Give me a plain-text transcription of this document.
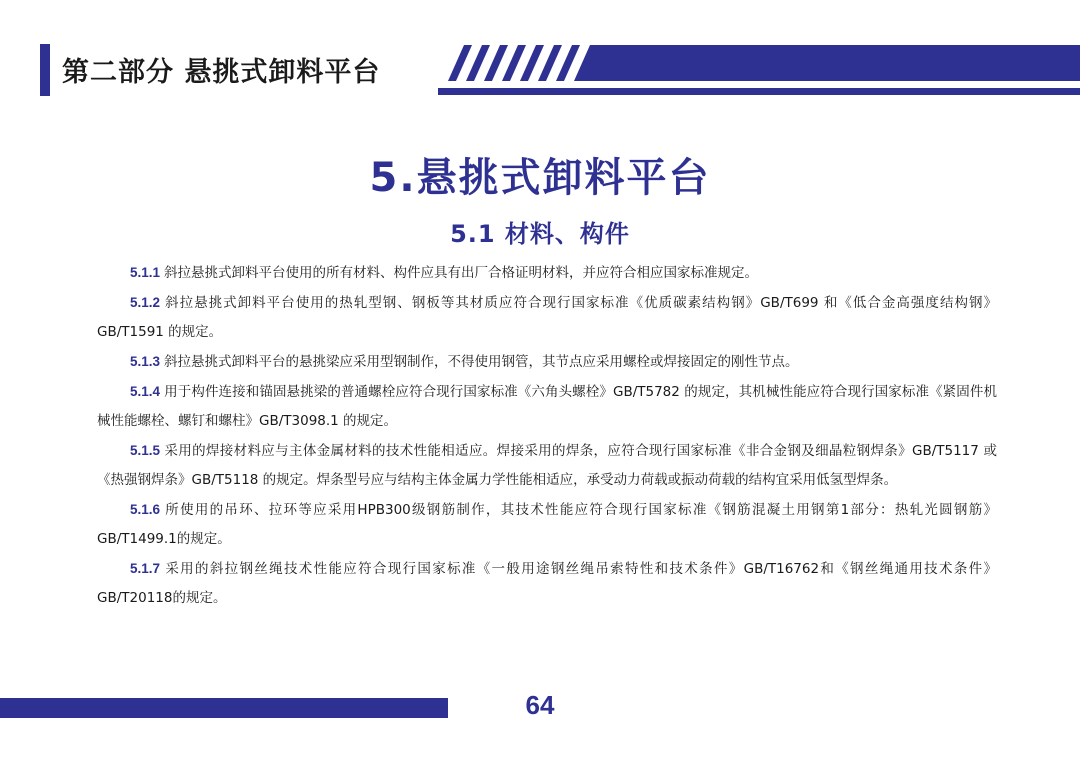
第二部分 悬挑式卸料平台
5.悬挑式卸料平台
5.1 材料、构件

5.1.1 斜拉悬挑式卸料平台使用的所有材料、构件应具有出厂合格证明材料，并应符合相应国家标准规定。

5.1.2 斜拉悬挑式卸料平台使用的热轧型钢、钢板等其材质应符合现行国家标准《优质碳素结构钢》GB/T699 和《低合金高强度结构钢》GB/T1591 的规定。

5.1.3 斜拉悬挑式卸料平台的悬挑梁应采用型钢制作，不得使用钢管，其节点应采用螺栓或焊接固定的刚性节点。

5.1.4 用于构件连接和锚固悬挑梁的普通螺栓应符合现行国家标准《六角头螺栓》GB/T5782 的规定，其机械性能应符合现行国家标准《紧固件机械性能螺栓、螺钉和螺柱》GB/T3098.1 的规定。

5.1.5 采用的焊接材料应与主体金属材料的技术性能相适应。焊接采用的焊条，应符合现行国家标准《非合金钢及细晶粒钢焊条》GB/T5117 或《热强钢焊条》GB/T5118 的规定。焊条型号应与结构主体金属力学性能相适应，承受动力荷载或振动荷载的结构宜采用低氢型焊条。

5.1.6 所使用的吊环、拉环等应采用HPB300级钢筋制作，其技术性能应符合现行国家标准《钢筋混凝土用钢第1部分：热轧光圆钢筋》GB/T1499.1的规定。

5.1.7 采用的斜拉钢丝绳技术性能应符合现行国家标准《一般用途钢丝绳吊索特性和技术条件》GB/T16762和《钢丝绳通用技术条件》GB/T20118的规定。

64
